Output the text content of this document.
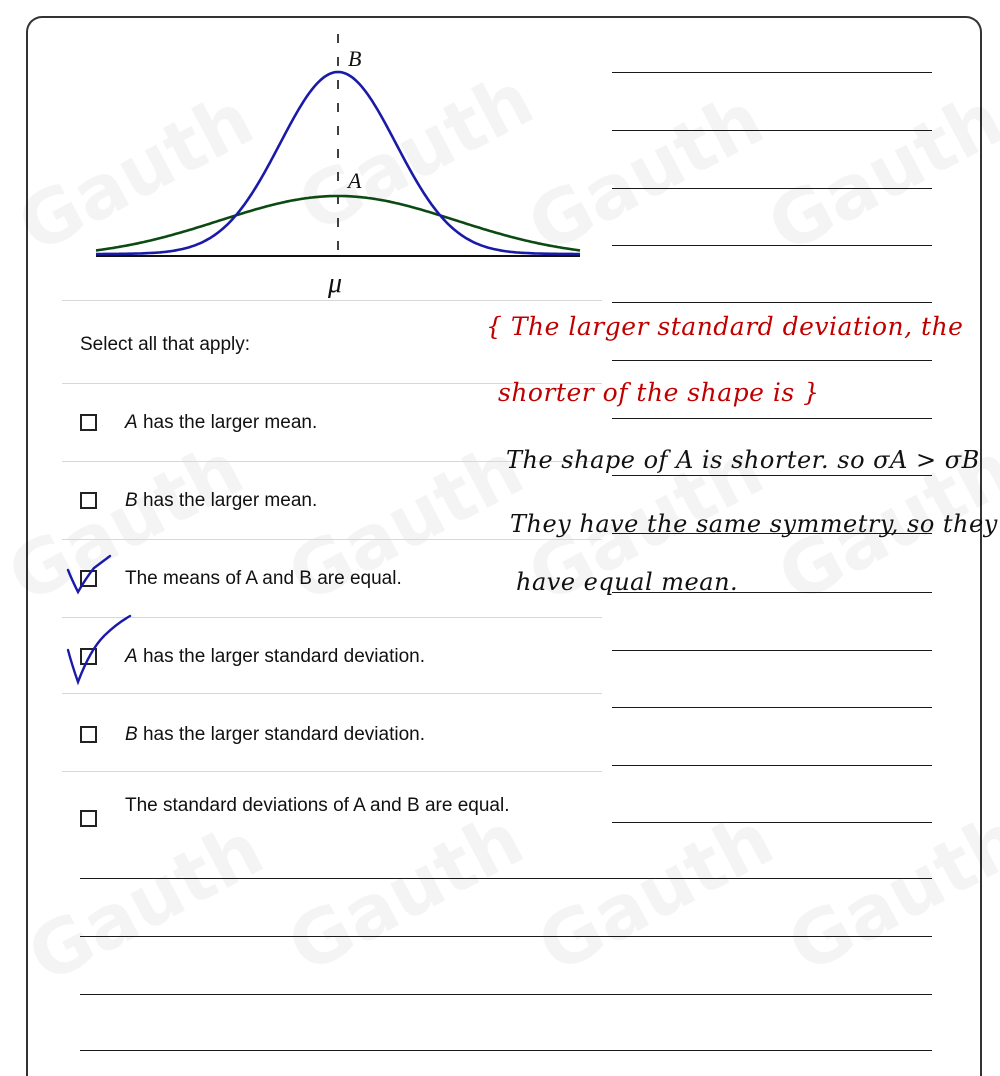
B
A
μ
Select all that apply:
A has the larger mean.
B has the larger mean.
The means of A and B are equal.
A has the larger standard deviation.
B has the larger standard deviation.
The standard deviations of A and B are equal.
{ The larger standard deviation, the
shorter of the shape is }
The shape of A is shorter. so σA > σB
They have the same symmetry, so they
have equal mean.
